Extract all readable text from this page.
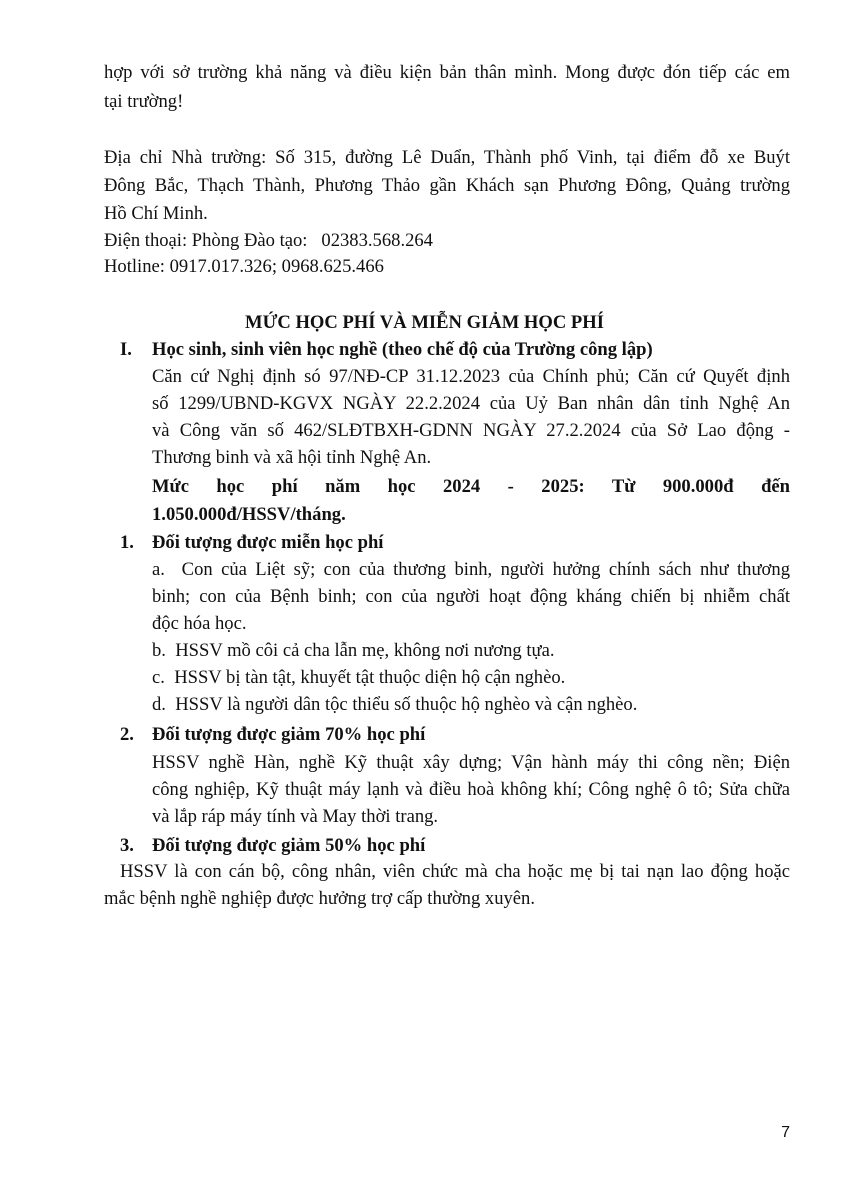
hợp với sở trường khả năng và điều kiện bản thân mình. Mong được đón tiếp các em
tại trường!
Địa chỉ Nhà trường: Số 315, đường Lê Duẩn, Thành phố Vinh, tại điểm đỗ xe Buýt
Đông Bắc, Thạch Thành, Phương Thảo gần Khách sạn Phương Đông, Quảng trường
Hồ Chí Minh.
Điện thoại: Phòng Đào tạo:   02383.568.264
Hotline: 0917.017.326; 0968.625.466
MỨC HỌC PHÍ VÀ MIỄN GIẢM HỌC PHÍ
I. Học sinh, sinh viên học nghề (theo chế độ của Trường công lập)
Căn cứ Nghị định só 97/NĐ-CP 31.12.2023 của Chính phủ; Căn cứ Quyết định
số 1299/UBND-KGVX NGÀY 22.2.2024 của Uỷ Ban nhân dân tỉnh Nghệ An
và Công văn số 462/SLĐTBXH-GDNN NGÀY 27.2.2024 của Sở Lao động -
Thương binh và xã hội tỉnh Nghệ An.
Mức học phí năm học 2024 - 2025: Từ 900.000đ đến
1.050.000đ/HSSV/tháng.
1. Đối tượng được miễn học phí
a.  Con của Liệt sỹ; con của thương binh, người hưởng chính sách như thương
binh; con của Bệnh binh; con của người hoạt động kháng chiến bị nhiễm chất
độc hóa học.
b.  HSSV mồ côi cả cha lẫn mẹ, không nơi nương tựa.
c.  HSSV bị tàn tật, khuyết tật thuộc diện hộ cận nghèo.
d.  HSSV là người dân tộc thiểu số thuộc hộ nghèo và cận nghèo.
2. Đối tượng được giảm 70% học phí
HSSV nghề Hàn, nghề Kỹ thuật xây dựng; Vận hành máy thi công nền; Điện
công nghiệp, Kỹ thuật máy lạnh và điều hoà không khí; Công nghệ ô tô; Sửa chữa
và lắp ráp máy tính và May thời trang.
3. Đối tượng được giảm 50% học phí
HSSV là con cán bộ, công nhân, viên chức mà cha hoặc mẹ bị tai nạn lao động hoặc
mắc bệnh nghề nghiệp được hưởng trợ cấp thường xuyên.
7
